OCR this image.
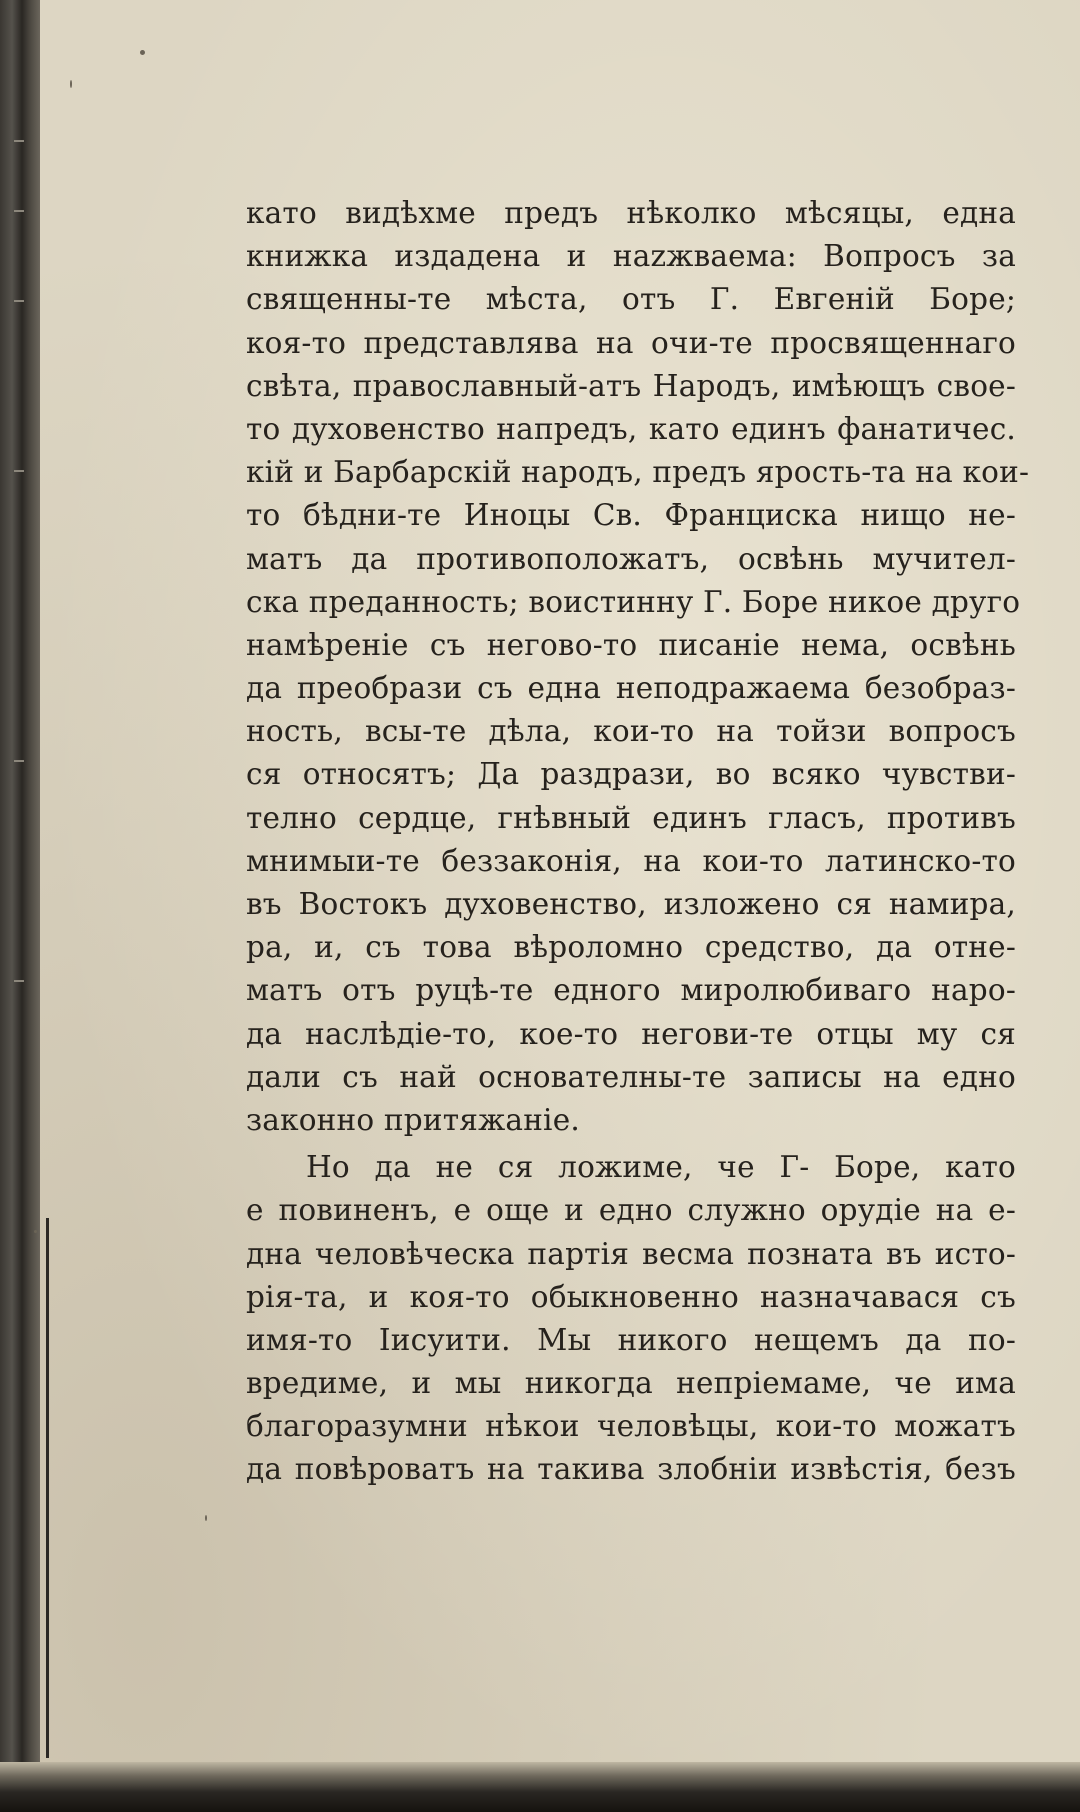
като видѣхме предъ нѣколко мѣсяцы, една
книжка издадена и нazжваема: Вопросъ за
священны-те мѣста, отъ Г. Евгеній Боре;
коя-то представлява на очи-те просвященнаго
свѣта, православный-атъ Народъ, имѣющъ свое-
то духовенство напредъ, като единъ фанатичес.
кій и Барбарскій народъ, предъ ярость-та на кои-
то бѣдни-те Иноцы Св. Франциска нищо не-
матъ да противоположатъ, освѣнь мучител-
ска преданность; воистинну Г. Боре никое друго
намѣреніе съ негово-то писаніе нема, освѣнь
да преобрази съ една неподражаема безобраз-
ность, всы-те дѣла, кои-то на тойзи вопросъ
ся относятъ; Да раздрази, во всяко чувстви-
телно сердце, гнѣвный единъ гласъ, противъ
мнимыи-те беззаконія, на кои-то латинско-то
въ Востокъ духовенство, изложено ся намира,
ра, и, съ това вѣроломно средство, да отне-
матъ отъ руцѣ-те едного миролюбиваго наро-
да наслѣдіе-то, кое-то негови-те отцы му ся
дали съ най основателны-те записы на едно
законно притяжаніе.
Но да не ся ложиме, че Г- Боре, като
е повиненъ, е още и едно служно орудіе на е-
дна человѣческа партія весма позната въ исто-
рія-та, и коя-то обыкновенно назначавася съ
имя-то Іисуити. Мы никого нещемъ да по-
вредиме, и мы никогда непріемаме, че има
благоразумни нѣкои человѣцы, кои-то можатъ
да повѣроватъ на такива злобніи извѣстія, безъ
